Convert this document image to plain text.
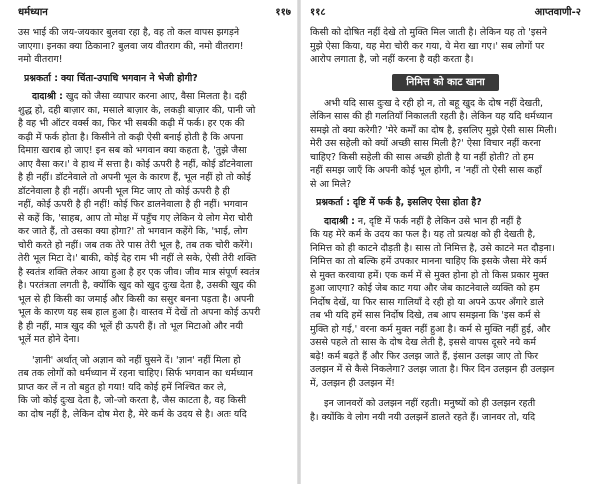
धर्मध्यान	११७
उस भाई की जय-जयकार बुलवा रहा है, वह तो कल वापस झगड़ने
जाएगा। इनका क्या ठिकाना? बुलवा जय वीतराग की, नमो वीतराग!
नमो वीतराग!
प्रश्नकर्ता : क्या चिंता-उपाधि भगवान ने भेजी होगी?
दादाश्री : खुद को जैसा व्यापार करना आए, वैसा मिलता है। दही
शुद्ध हो, दही बाज़ार का, मसाले बाज़ार के, लकड़ी बाज़ार की, पानी जो
है वह भी ऑटर वर्क्स का, फिर भी सबकी कढ़ी में फर्क। हर एक की
कढ़ी में फर्क होता है। किसीने तो कढ़ी ऐसी बनाई होती है कि अपना
दिमाग़ खराब हो जाए! इन सब को भगवान क्या कहता है, 'तुझे जैसा
आए वैसा कर।' वे हाथ में सत्ता है। कोई ऊपरी है नहीं, कोई डॉटनेवाला
है ही नहीं। डॉटनेवाले तो अपनी भूल के कारण हैं, भूल नहीं हो तो कोई
डॉटनेवाला है ही नहीं। अपनी भूल मिट जाए तो कोई ऊपरी है ही
नहीं, कोई ऊपरी है ही नहीं! कोई फिर डालनेवाला है ही नहीं। भगवान
से कहें कि, 'साहब, आप तो मोक्ष में पहुँच गए लेकिन ये लोग मेरा चोरी
कर जाते हैं, तो उसका क्या होगा?' तो भगवान कहेंगे कि, 'भाई, लोग
चोरी करते हो नहीं। जब तक तेरे पास तेरी भूल है, तब तक चोरी करेंगे।
तेरी भूल मिटा दे।' बाकी, कोई देह राम भी नहीं ले सके, ऐसी तेरी शक्ति
है स्वतंत्र शक्ति लेकर आया हुआ है हर एक जीव। जीव मात्र संपूर्ण स्वतंत्र
है। परतंत्रता लगती है, क्योंकि खुद को खुद दुःख देता है, उसकी खुद की
भूल से ही किसी का जमाई और किसी का ससुर बनना पड़ता है। अपनी
भूल के कारण यह सब हाल हुआ है। वास्तव में देखें तो अपना कोई ऊपरी
है ही नहीं, मात्र खुद की भूलें ही ऊपरी हैं। तो भूल मिटाओ और नयी
भूलें मत होने देना।
'ज्ञानी' अर्थात् जो अज्ञान को नहीं घुसने दें। 'ज्ञान' नहीं मिला हो
तब तक लोगों को धर्मध्यान में रहना चाहिए। सिर्फ भगवान का धर्मध्यान
प्राप्त कर लें न तो बहुत हो गया! यदि कोई हमें निश्चित कर ले,
कि जो कोई दुःख देता है, जो-जो करता है, जैस काटता है, वह किसी
का दोष नहीं है, लेकिन दोष मेरा है, मेरे कर्म के उदय से है। अतः यदि
११८	आप्तवाणी-२
किसी को दोषित नहीं देखे तो मुक्ति मिल जाती है। लेकिन यह तो 'इसने
मुझे ऐसा किया, यह मेरा चोरी कर गया, ये मेरा खा गए।' सब लोगों पर
आरोप लगाता है, जो नहीं करना है वही करता है।
निमित्त को काट खाना
अभी यदि सास दुःख दे रही हो न, तो बहू खुद के दोष नहीं देखती,
लेकिन सास की ही गलतियाँ निकालती रहती है। लेकिन यह यदि धर्मध्यान
समझे तो क्या करेगी? 'मेरे कर्मों का दोष है, इसलिए मुझे ऐसी सास मिली।
मेरी उस सहेली को क्यों अच्छी सास मिली है?' ऐसा विचार नहीं करना
चाहिए? किसी सहेली की सास अच्छी होती है या नहीं होती? तो हम
नहीं समझ जाएँ कि अपनी कोई भूल होगी, न 'नहीं तो ऐसी सास कहाँ
से आ मिले?
प्रश्नकर्ता : दृष्टि में फर्क है, इसलिए ऐसा होता है?
दादाश्री : न, दृष्टि में फर्क नहीं है लेकिन उसे भान ही नहीं है
कि यह मेरे कर्म के उदय का फल है। यह तो प्रत्यक्ष को ही देखती है,
निमित्त को ही काटने दौड़ती है। सास तो निमित्त है, उसे काटने मत दौड़ना।
निमित्त का तो बल्कि हमें उपकार मानना चाहिए कि इसके जैसा मेरे कर्म
से मुक्त करवाया हमें। एक कर्म में से मुक्त होना हो तो किस प्रकार मुक्त
हुआ जाएगा? कोई जेब काट गया और जेब काटनेवाले व्यक्ति को हम
निर्दोष देखें, या फिर सास गालियाँ दे रही हो या अपने ऊपर अँगारे डाले
तब भी यदि हमें सास निर्दोष दिखे, तब आप समझना कि 'इस कर्म से
मुक्ति हो गई,' वरना कर्म मुक्त नहीं हुआ है। कर्म से मुक्ति नहीं हुई, और
उससे पहले तो सास के दोष देख लेती है, इससे वापस दूसरे नये कर्म
बढ़े! कर्म बढ़ते हैं और फिर उलझ जाते हैं, इंसान उलझ जाए तो फिर
उलझन में से कैसे निकलेगा? उलझ जाता है। फिर दिन उलझन ही उलझन
में, उलझन ही उलझन में!
इन जानवरों को उलझन नहीं रहती। मनुष्यों को ही उलझन रहती
है। क्योंकि वे लोग नयी नयी उलझनें डालते रहते हैं। जानवर तो, यदि
